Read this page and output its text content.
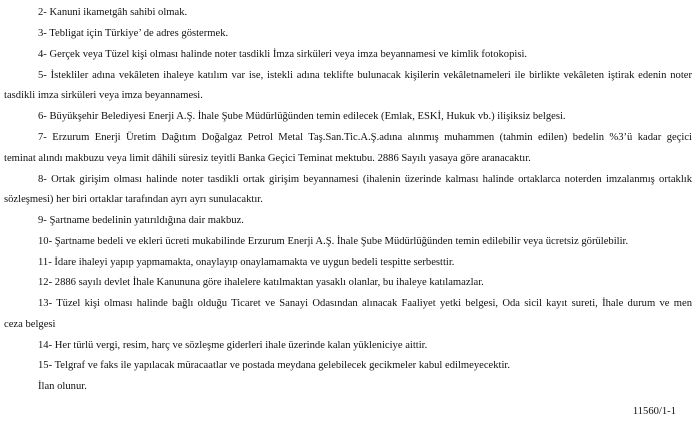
2- Kanuni ikametgâh sahibi olmak.
3- Tebligat için Türkiye’ de adres göstermek.
4- Gerçek veya Tüzel kişi olması halinde noter tasdikli İmza sirküleri veya imza beyannamesi ve kimlik fotokopisi.
5- İstekliler adına vekâleten ihaleye katılım var ise, istekli adına teklifte bulunacak kişilerin vekâletnameleri ile birlikte vekâleten iştirak edenin noter
tasdikli imza sirküleri veya imza beyannamesi.
6- Büyükşehir Belediyesi Enerji A.Ş. İhale Şube Müdürlüğünden temin edilecek (Emlak, ESKİ, Hukuk vb.) ilişiksiz belgesi.
7- Erzurum Enerji Üretim Dağıtım Doğalgaz Petrol Metal Taş.San.Tic.A.Ş.adına alınmış muhammen (tahmin edilen) bedelin %3’ü kadar geçici
teminat alındı makbuzu veya limit dâhili süresiz teyitli Banka Geçici Teminat mektubu. 2886 Sayılı yasaya göre aranacaktır.
8- Ortak girişim olması halinde noter tasdikli ortak girişim beyannamesi (ihalenin üzerinde kalması halinde ortaklarca noterden imzalanmış ortaklık
sözleşmesi) her biri ortaklar tarafından ayrı ayrı sunulacaktır.
9- Şartname bedelinin yatırıldığına dair makbuz.
10- Şartname bedeli ve ekleri ücreti mukabilinde Erzurum Enerji A.Ş. İhale Şube Müdürlüğünden temin edilebilir veya ücretsiz görülebilir.
11- İdare ihaleyi yapıp yapmamakta, onaylayıp onaylamamakta ve uygun bedeli tespitte serbesttir.
12- 2886 sayılı devlet İhale Kanununa göre ihalelere katılmaktan yasaklı olanlar, bu ihaleye katılamazlar.
13- Tüzel kişi olması halinde bağlı olduğu Ticaret ve Sanayi Odasından alınacak Faaliyet yetki belgesi, Oda sicil kayıt sureti, İhale durum ve men
ceza belgesi
14- Her türlü vergi, resim, harç ve sözleşme giderleri ihale üzerinde kalan yükleniciye aittir.
15- Telgraf ve faks ile yapılacak müracaatlar ve postada meydana gelebilecek gecikmeler kabul edilmeyecektir.
İlan olunur.
11560/1-1
